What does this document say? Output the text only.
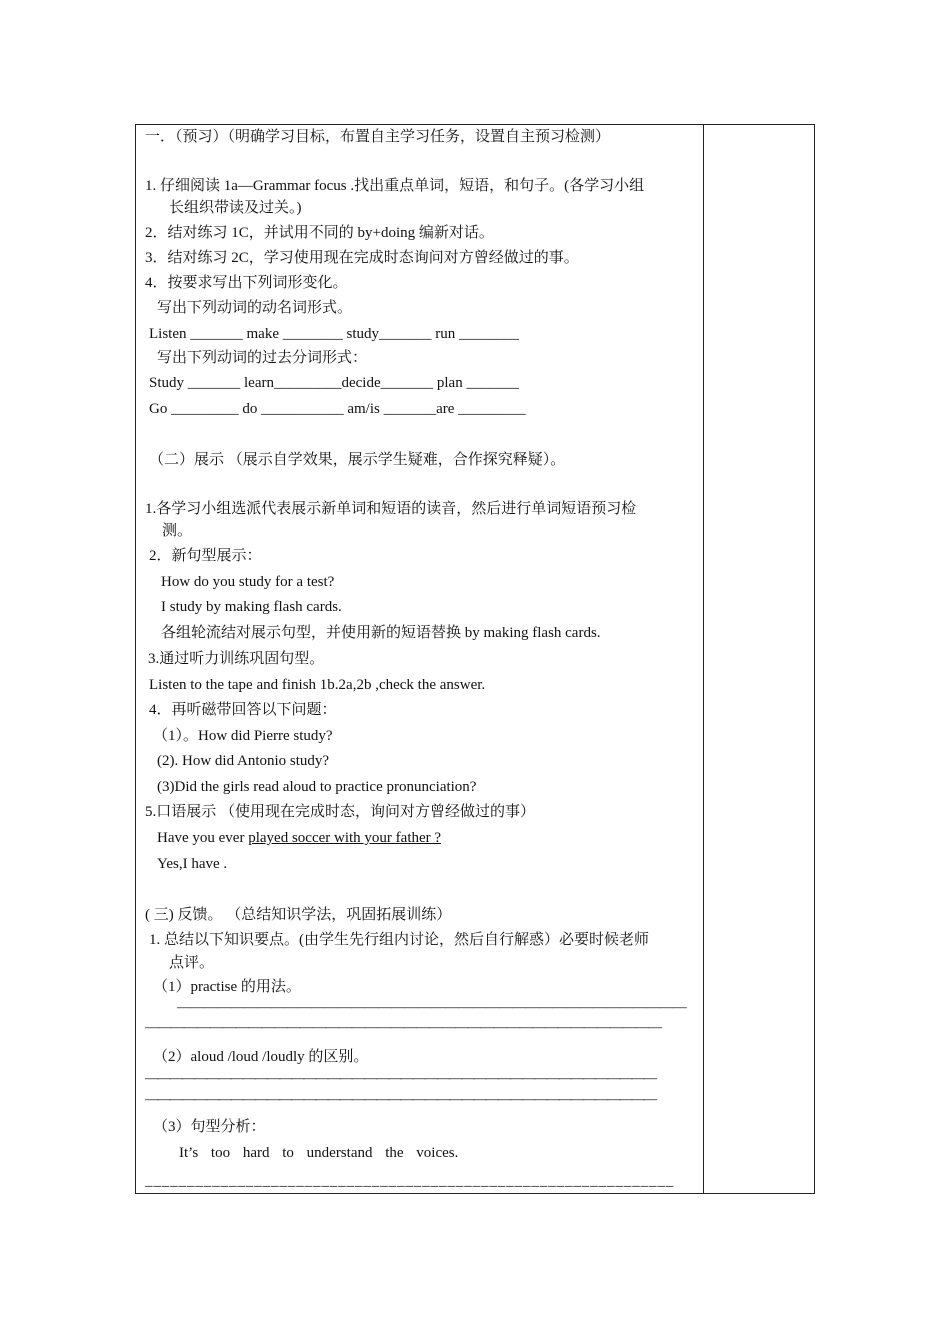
一．（预习）（明确学习目标，布置自主学习任务，设置自主预习检测）
1. 仔细阅读 1a—Grammar focus .找出重点单词，短语，和句子。(各学习小组
长组织带读及过关。)
2．结对练习 1C，并试用不同的 by+doing 编新对话。
3．结对练习 2C，学习使用现在完成时态询问对方曾经做过的事。
4．按要求写出下列词形变化。
写出下列动词的动名词形式。
Listen _______ make ________ study_______ run ________
写出下列动词的过去分词形式：
Study _______ learn_________decide_______ plan _______
Go _________ do ___________ am/is _______are _________
（二）展示 （展示自学效果，展示学生疑难，合作探究释疑）。
1.各学习小组选派代表展示新单词和短语的读音，然后进行单词短语预习检
测。
2．新句型展示：
How do you study for a test?
I study by making flash cards.
各组轮流结对展示句型，并使用新的短语替换 by making flash cards.
3.通过听力训练巩固句型。
Listen to the tape and finish 1b.2a,2b ,check the answer.
4．再听磁带回答以下问题：
（1）。How did Pierre study?
(2). How did Antonio study?
(3)Did the girls read aloud to practice pronunciation?
5.口语展示 （使用现在完成时态，询问对方曾经做过的事）
Have you ever played soccer with your father ?
Yes,I have .
( 三) 反馈。 （总结知识学法，巩固拓展训练）
1. 总结以下知识要点。(由学生先行组内讨论，然后自行解惑）必要时候老师
点评。
（1）practise 的用法。
——————————————————————————————————————
————————————————————————————————————————
（2）aloud /loud /loudly 的区别。
——————————————————————————————————————————
——————————————————————————————————————————
（3）句型分析：
It’s too hard to understand the voices.
_______________________________________________________________
